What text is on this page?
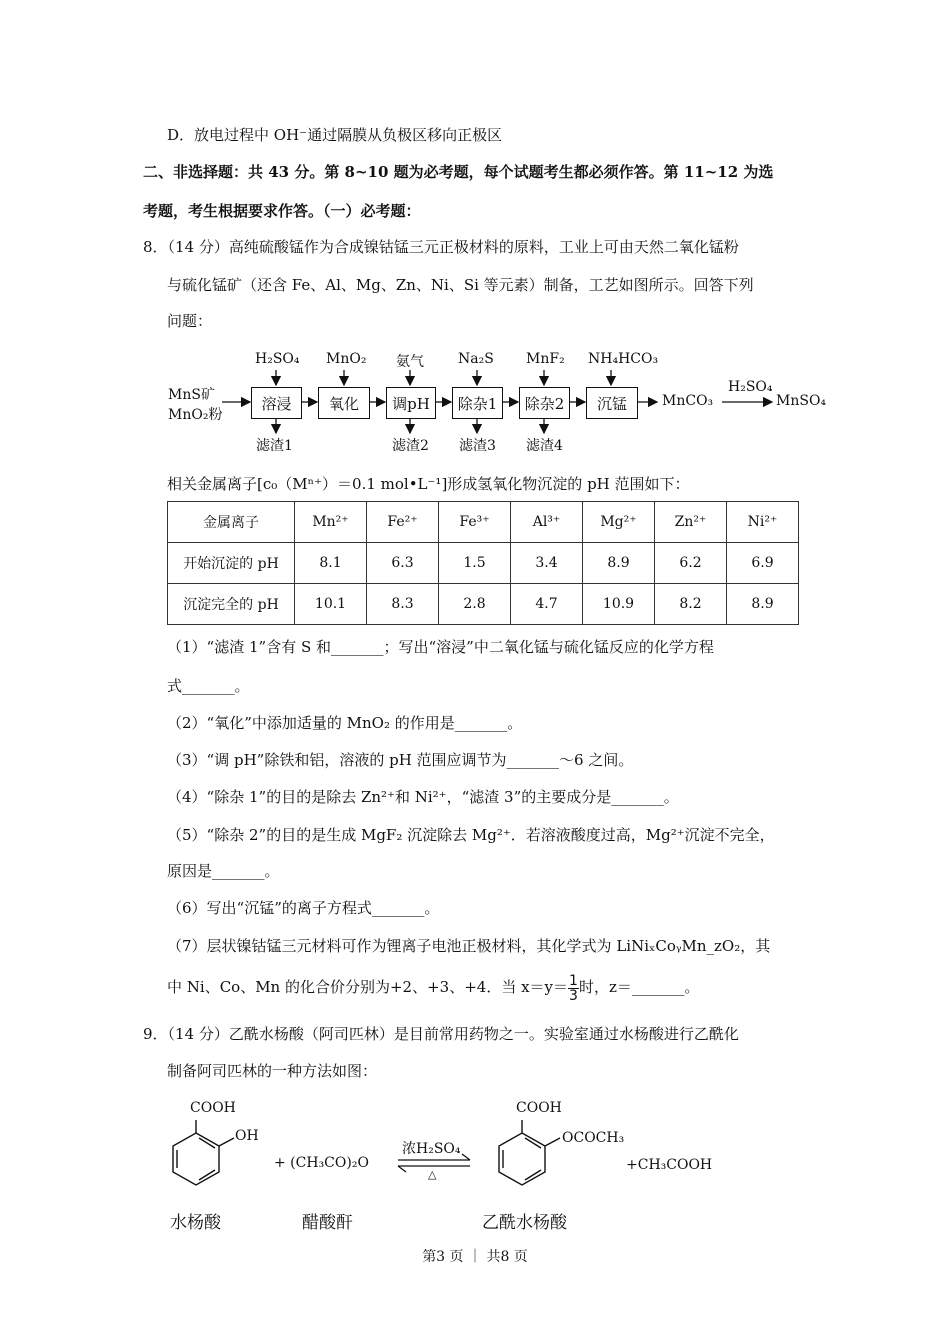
D．放电过程中 OH⁻通过隔膜从负极区移向正极区
二、非选择题：共 43 分。第 8~10 题为必考题，每个试题考生都必须作答。第 11~12 为选
考题，考生根据要求作答。（一）必考题：
8．（14 分）高纯硫酸锰作为合成镍钴锰三元正极材料的原料，工业上可由天然二氧化锰粉
与硫化锰矿（还含 Fe、Al、Mg、Zn、Ni、Si 等元素）制备，工艺如图所示。回答下列
问题：
MnS矿
MnO₂粉
溶浸	氧化	调pH	除杂1	除杂2	沉锰
H₂SO₄ MnO₂ 氨气 Na₂S MnF₂ NH₄HCO₃
滤渣1	滤渣2 滤渣3 滤渣4
MnCO₃
H₂SO₄
MnSO₄
相关金属离子[c₀（Mⁿ⁺）＝0.1 mol•L⁻¹]形成氢氧化物沉淀的 pH 范围如下：
金属离子	Mn²⁺	Fe²⁺	Fe³⁺	Al³⁺	Mg²⁺	Zn²⁺	Ni²⁺
开始沉淀的 pH	8.1	6.3	1.5	3.4	8.9	6.2	6.9
沉淀完全的 pH	10.1	8.3	2.8	4.7	10.9	8.2	8.9
（1）“滤渣 1”含有 S 和_______；写出“溶浸”中二氧化锰与硫化锰反应的化学方程
式_______。
（2）“氧化”中添加适量的 MnO₂ 的作用是_______。
（3）“调 pH”除铁和铝，溶液的 pH 范围应调节为_______～6 之间。
（4）“除杂 1”的目的是除去 Zn²⁺和 Ni²⁺，“滤渣 3”的主要成分是_______。
（5）“除杂 2”的目的是生成 MgF₂ 沉淀除去 Mg²⁺．若溶液酸度过高，Mg²⁺沉淀不完全，
原因是_______。
（6）写出“沉锰”的离子方程式_______。
（7）层状镍钴锰三元材料可作为锂离子电池正极材料，其化学式为 LiNiₓCoᵧMn_zO₂，其
中 Ni、Co、Mn 的化合价分别为+2、+3、+4．当 $x=y= \frac{1}{3}$ 时，z＝_______。
9．（14 分）乙酰水杨酸（阿司匹林）是目前常用药物之一。实验室通过水杨酸进行乙酰化
制备阿司匹林的一种方法如图：
COOH
OH
+ (CH₃CO)₂O
浓H₂SO₄
△
COOH
OCOCH₃
+CH₃COOH
水杨酸	醋酸酐	乙酰水杨酸
第3 页 ｜ 共8 页
